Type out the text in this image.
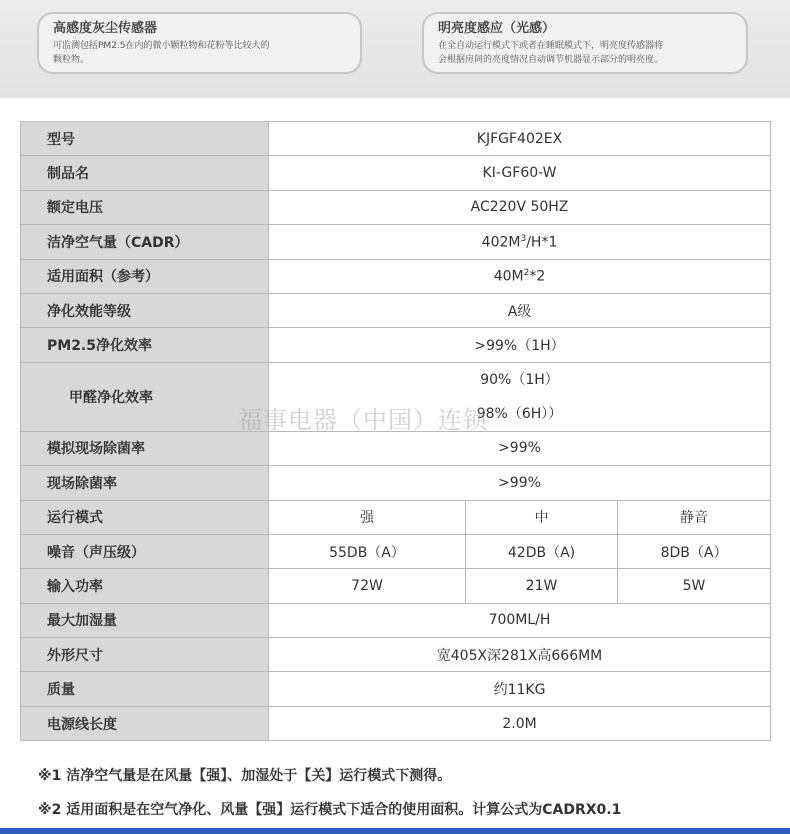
高感度灰尘传感器
可监测包括PM2.5在内的微小颗粒物和花粉等比较大的
颗粒物。
明亮度感应（光感）
在全自动运行模式下或者在睡眠模式下，明亮度传感器将
会根据房间的亮度情况自动调节机器显示部分的明亮度。
型号	KJFGF402EX		
制品名	KI-GF60-W		
额定电压	AC220V 50HZ		
洁净空气量（CADR）	$402M^3/H*1$		
适用面积（参考）	$40M^2*2$		
净化效能等级	A级		
PM2.5净化效率	>99%（1H）		
甲醛净化效率	90%（1H）
98%（6H））		

模拟现场除菌率	>99%		
现场除菌率	>99%		
运行模式	强	中	静音
噪音（声压级）	55DB（A）	42DB（A)	8DB（A）
输入功率	72W	21W	5W
最大加湿量	700ML/H		
外形尺寸	宽405X深281X高666MM		
质量	约11KG		
电源线长度	2.0M		
福事电器（中国）连锁
※1 洁净空气量是在风量【强】、加湿处于【关】运行模式下测得。
※2 适用面积是在空气净化、风量【强】运行模式下适合的使用面积。计算公式为CADRX0.1
